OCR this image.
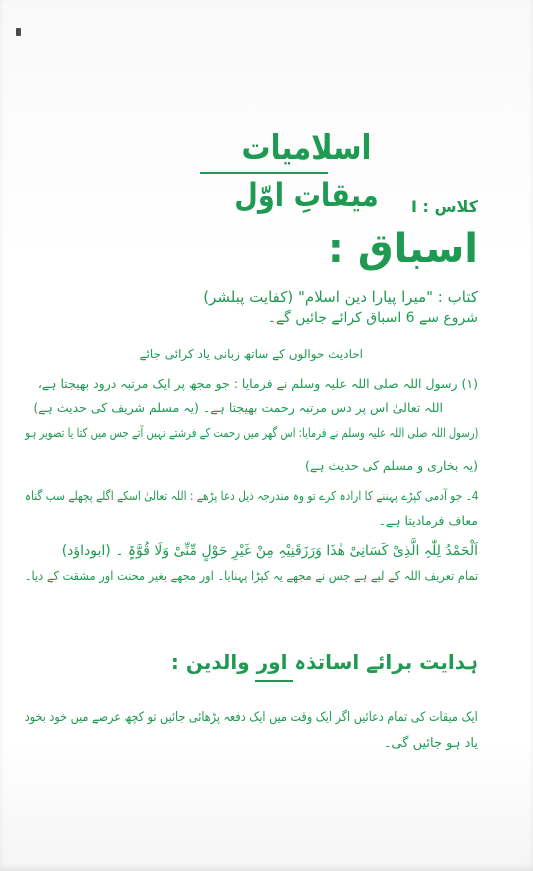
اسلامیات
میقاتِ اوّل	کلاس : I
اسباق :
کتاب : "میرا پیارا دین اسلام" (کفایت پبلشر)
شروع سے 6 اسباق کرائے جائیں گے۔
احادیث حوالوں کے ساتھ زبانی یاد کرائی جائے
(۱) رسول اللہ صلی اللہ علیہ وسلم نے فرمایا : جو مجھ پر ایک مرتبہ درود بھیجتا ہے،
اللہ تعالیٰ اس پر دس مرتبہ رحمت بھیجتا ہے۔ (یہ مسلم شریف کی حدیث ہے)
(رسول اللہ صلی اللہ علیہ وسلم نے فرمایا: اس گھر میں رحمت کے فرشتے نہیں آتے جس میں کتا یا تصویر ہو
(یہ بخاری و مسلم کی حدیث ہے)
4۔ جو آدمی کپڑے پہننے کا ارادہ کرے تو وہ مندرجہ ذیل دعا پڑھے : اللہ تعالیٰ اسکے اگلے پچھلے سب گناہ
معاف فرمادیتا ہے۔
اَلْحَمْدُ لِلّٰہِ الَّذِیْ کَسَانِیْ ھٰذَا وَرَزَقَنِیْہِ مِنْ غَیْرِ حَوْلٍ مِّنِّیْ وَلَا قُوَّۃٍ ۔ (ابوداؤد)
تمام تعریف اللہ کے لیے ہے جس نے مجھے یہ کپڑا پہنایا۔ اور مجھے بغیر محنت اور مشقت کے دیا۔
ہدایت برائے اساتذہ اور والدین :
ایک میقات کی تمام دعائیں اگر ایک وقت میں ایک دفعہ پڑھائی جائیں تو کچھ عرصے میں خود بخود
یاد ہو جائیں گی۔
